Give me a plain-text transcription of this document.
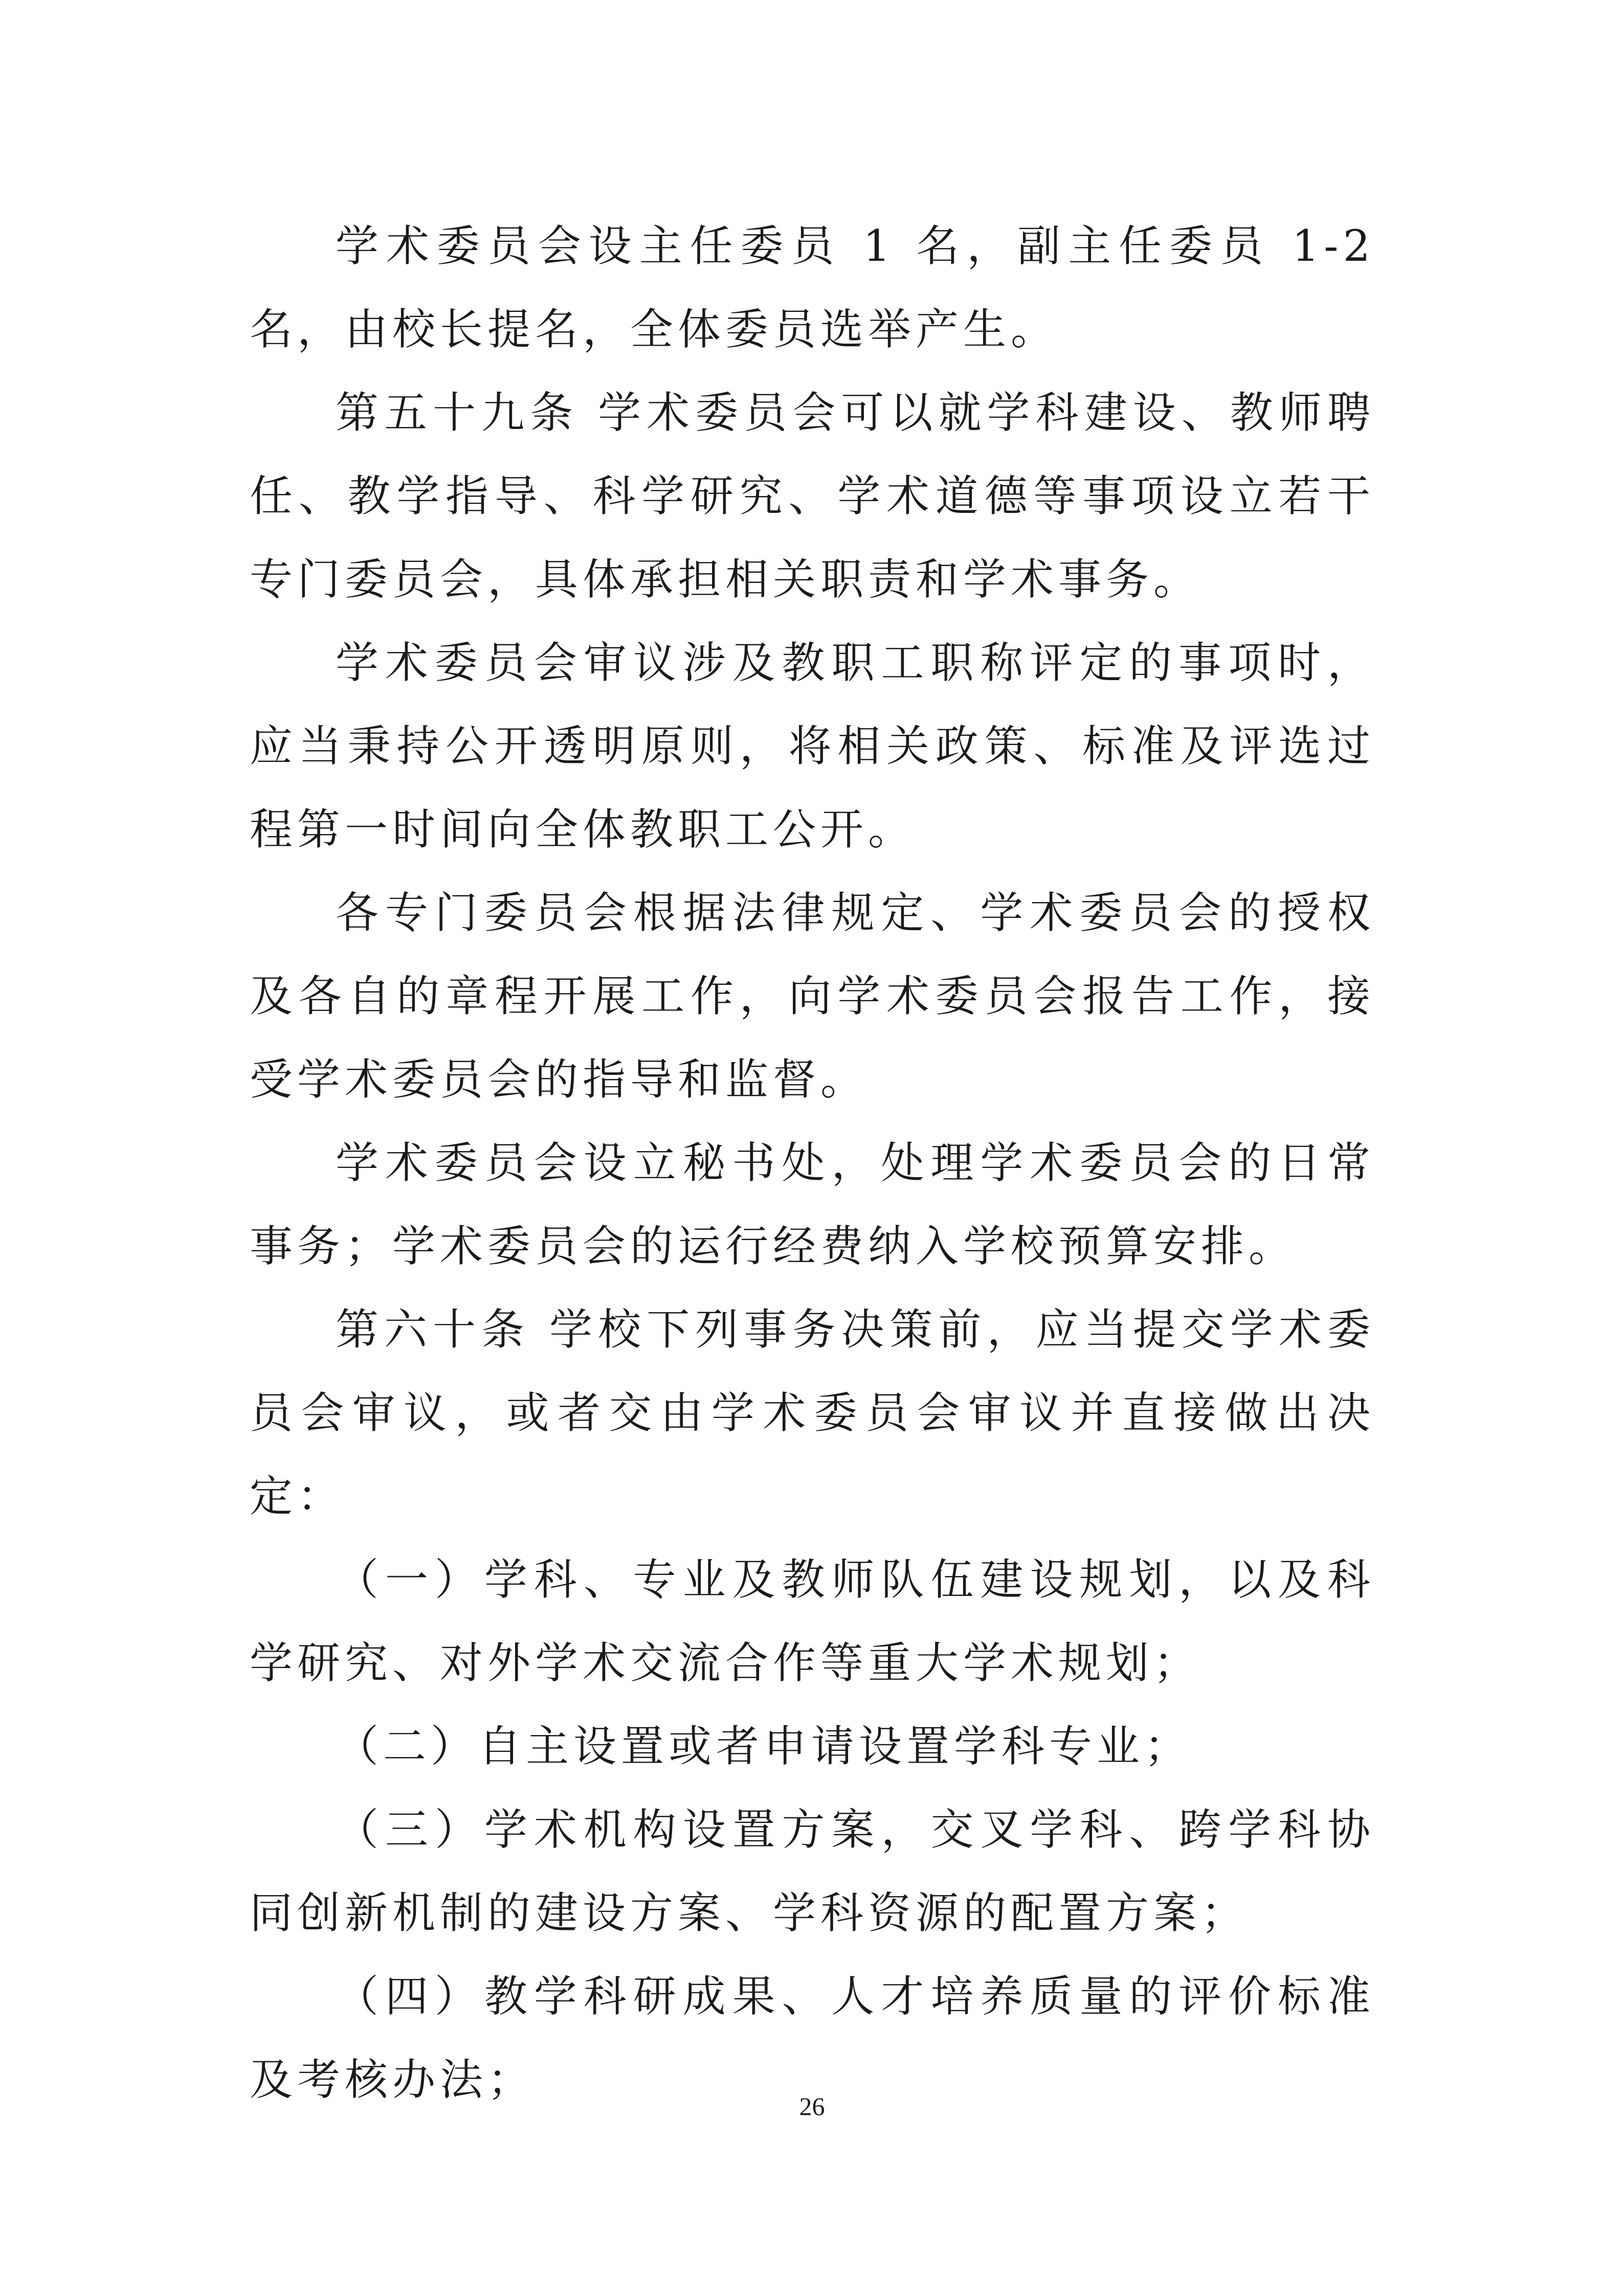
学术委员会设主任委员 1 名，副主任委员 1-2 名，由校长提名，全体委员选举产生。

第五十九条 学术委员会可以就学科建设、教师聘任、教学指导、科学研究、学术道德等事项设立若干专门委员会，具体承担相关职责和学术事务。

学术委员会审议涉及教职工职称评定的事项时，应当秉持公开透明原则，将相关政策、标准及评选过程第一时间向全体教职工公开。

各专门委员会根据法律规定、学术委员会的授权及各自的章程开展工作，向学术委员会报告工作，接受学术委员会的指导和监督。

学术委员会设立秘书处，处理学术委员会的日常事务；学术委员会的运行经费纳入学校预算安排。

第六十条 学校下列事务决策前，应当提交学术委员会审议，或者交由学术委员会审议并直接做出决定：

（一）学科、专业及教师队伍建设规划，以及科学研究、对外学术交流合作等重大学术规划；

（二）自主设置或者申请设置学科专业；

（三）学术机构设置方案，交叉学科、跨学科协同创新机制的建设方案、学科资源的配置方案；

（四）教学科研成果、人才培养质量的评价标准及考核办法；

26
